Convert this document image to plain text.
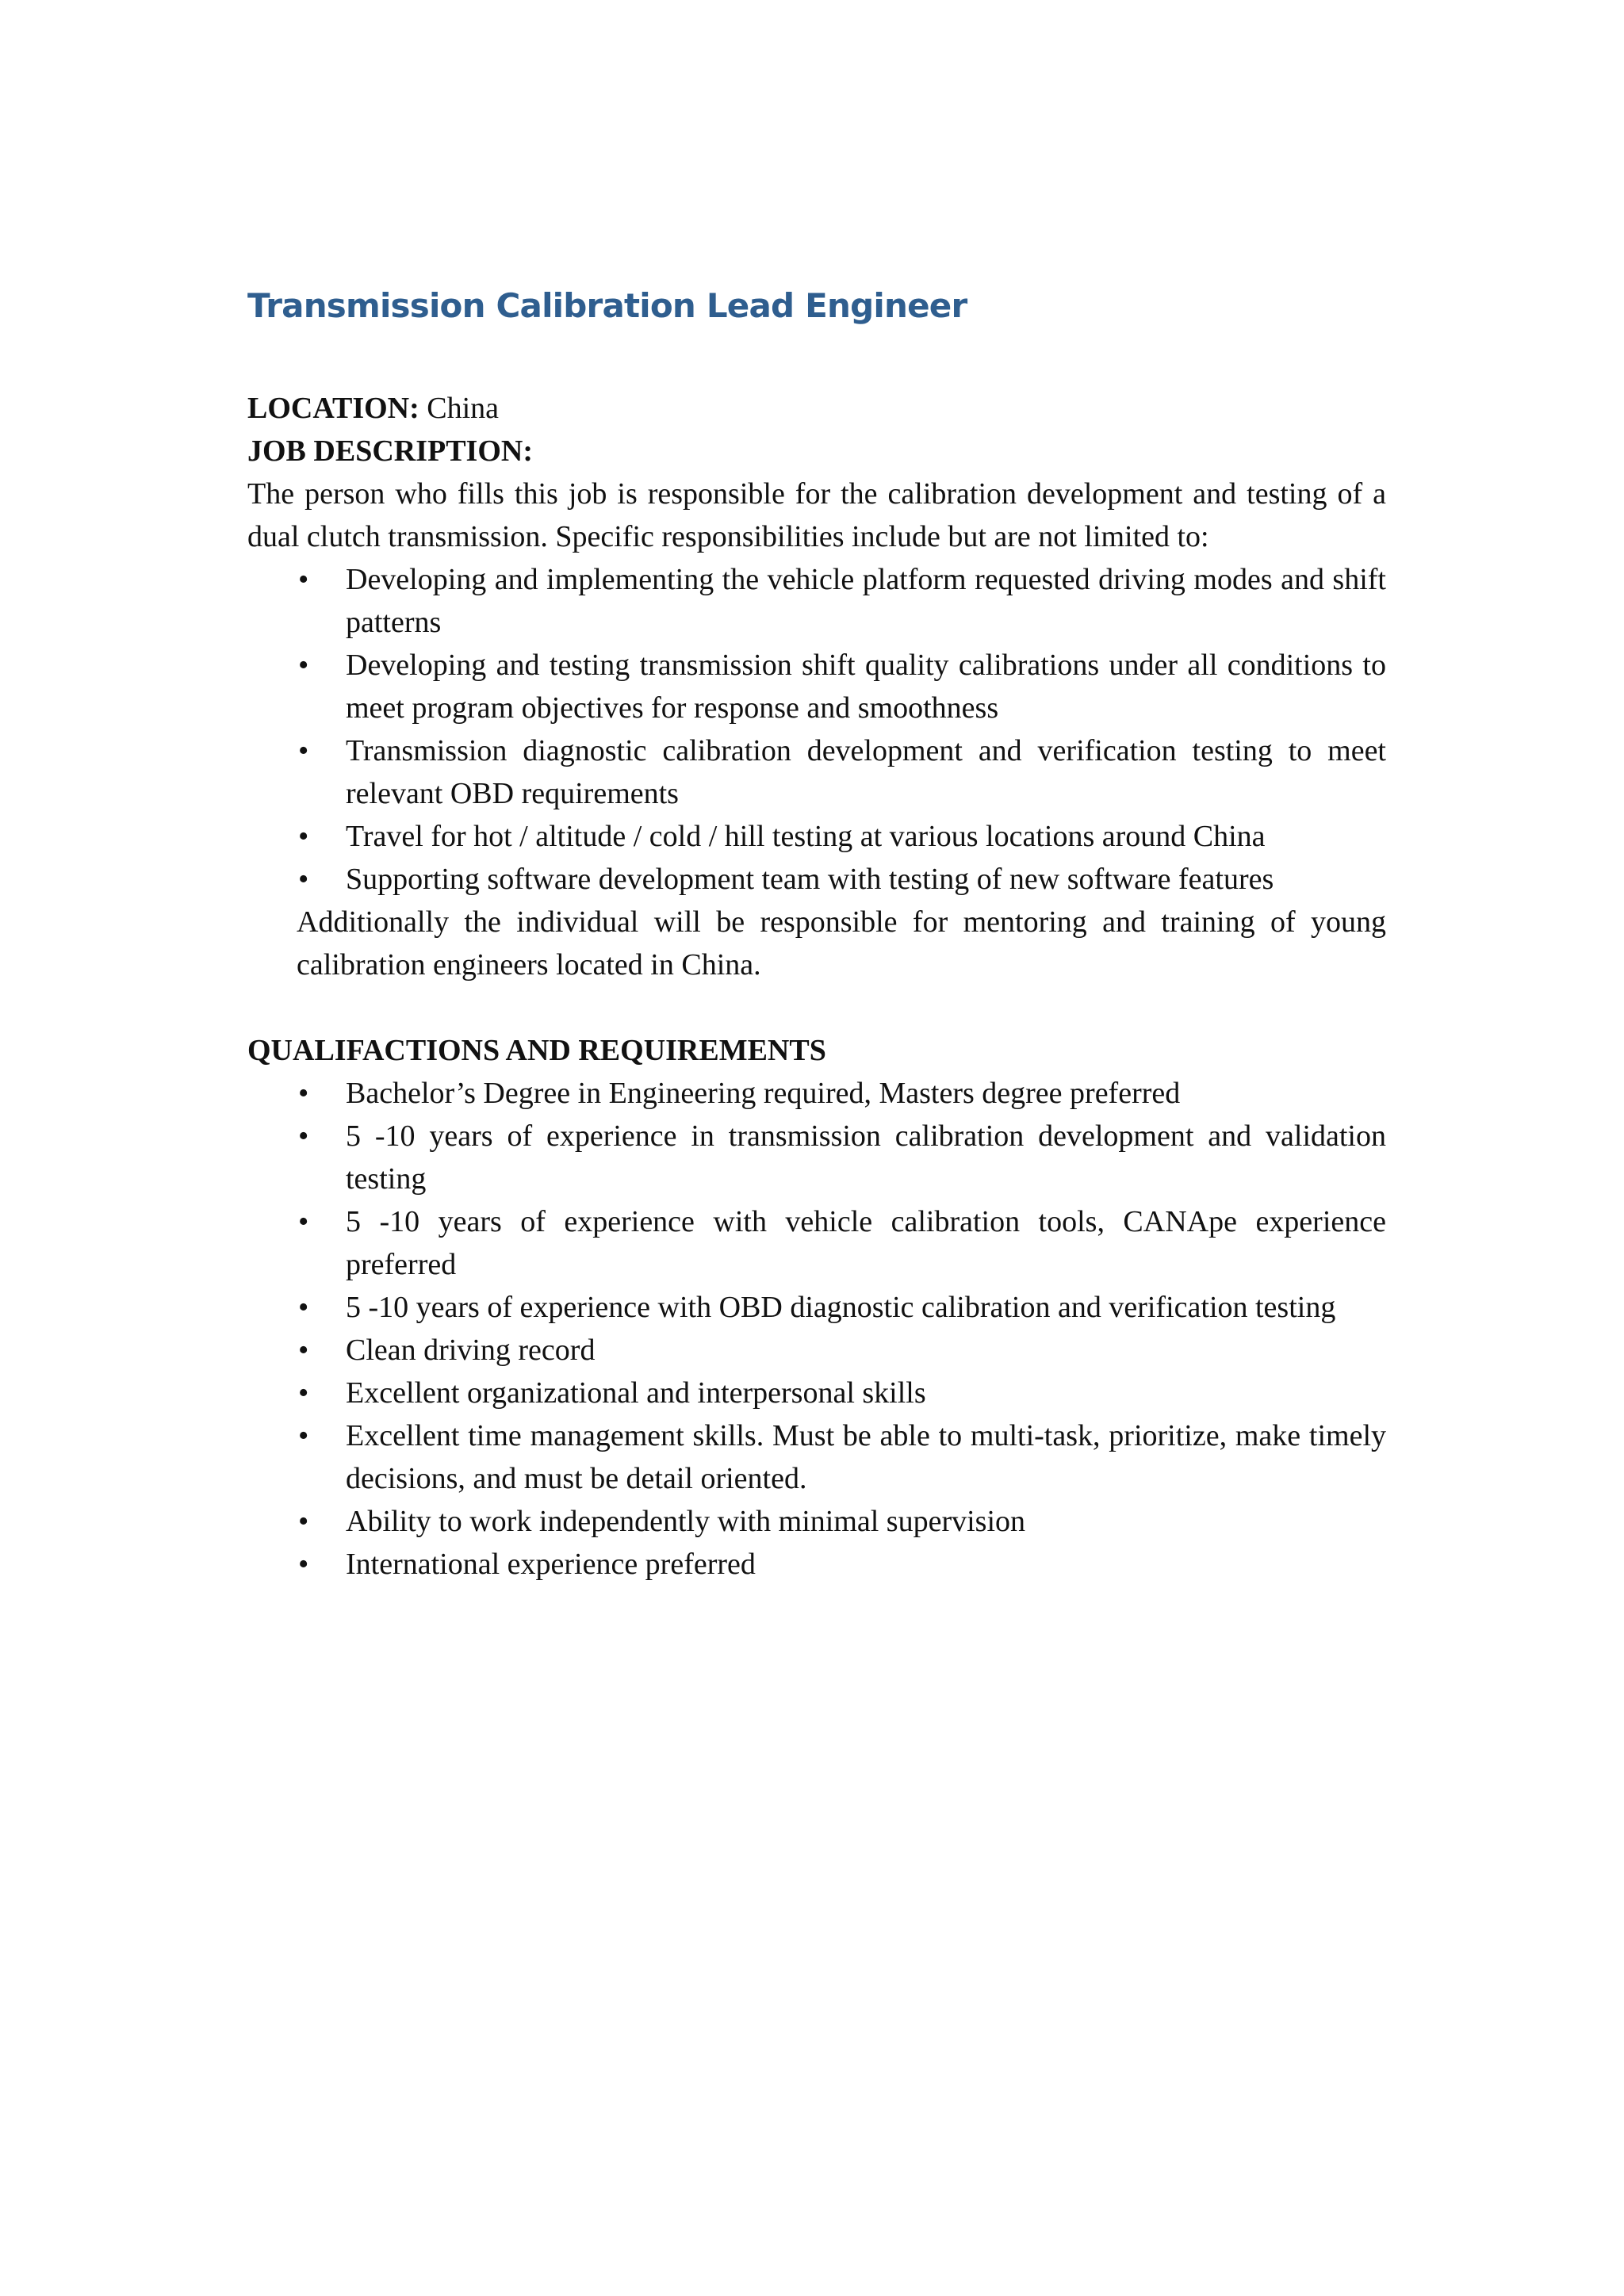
Transmission Calibration Lead Engineer
LOCATION: China
JOB DESCRIPTION:

The person who fills this job is responsible for the calibration development and testing of a dual clutch transmission. Specific responsibilities include but are not limited to:

• Developing and implementing the vehicle platform requested driving modes and shift patterns
• Developing and testing transmission shift quality calibrations under all conditions to meet program objectives for response and smoothness
• Transmission diagnostic calibration development and verification testing to meet relevant OBD requirements
• Travel for hot / altitude / cold / hill testing at various locations around China
• Supporting software development team with testing of new software features

Additionally the individual will be responsible for mentoring and training of young calibration engineers located in China.

QUALIFACTIONS AND REQUIREMENTS
• Bachelor’s Degree in Engineering required, Masters degree preferred
• 5 -10 years of experience in transmission calibration development and validation testing
• 5 -10 years of experience with vehicle calibration tools, CANApe experience preferred
• 5 -10 years of experience with OBD diagnostic calibration and verification testing
• Clean driving record
• Excellent organizational and interpersonal skills
• Excellent time management skills. Must be able to multi-task, prioritize, make timely decisions, and must be detail oriented.
• Ability to work independently with minimal supervision
• International experience preferred
